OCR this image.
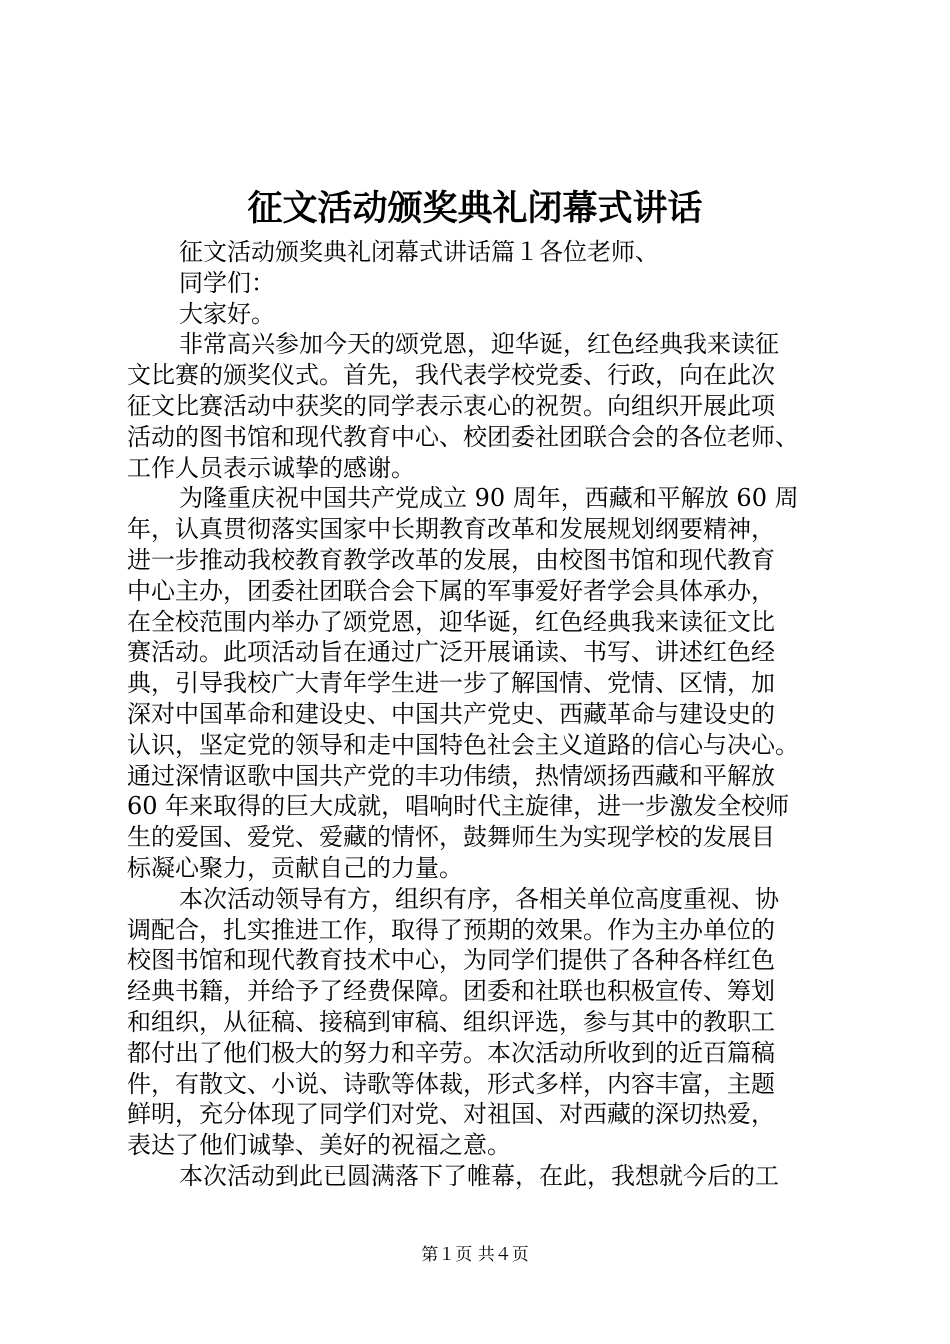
征文活动颁奖典礼闭幕式讲话
征文活动颁奖典礼闭幕式讲话篇１各位老师、
同学们：
大家好。
非常高兴参加今天的颂党恩，迎华诞，红色经典我来读征
文比赛的颁奖仪式。首先，我代表学校党委、行政，向在此次
征文比赛活动中获奖的同学表示衷心的祝贺。向组织开展此项
活动的图书馆和现代教育中心、校团委社团联合会的各位老师、
工作人员表示诚挚的感谢。
为隆重庆祝中国共产党成立 90 周年，西藏和平解放 60 周
年，认真贯彻落实国家中长期教育改革和发展规划纲要精神，
进一步推动我校教育教学改革的发展，由校图书馆和现代教育
中心主办，团委社团联合会下属的军事爱好者学会具体承办，
在全校范围内举办了颂党恩，迎华诞，红色经典我来读征文比
赛活动。此项活动旨在通过广泛开展诵读、书写、讲述红色经
典，引导我校广大青年学生进一步了解国情、党情、区情，加
深对中国革命和建设史、中国共产党史、西藏革命与建设史的
认识，坚定党的领导和走中国特色社会主义道路的信心与决心。
通过深情讴歌中国共产党的丰功伟绩，热情颂扬西藏和平解放
60 年来取得的巨大成就，唱响时代主旋律，进一步激发全校师
生的爱国、爱党、爱藏的情怀，鼓舞师生为实现学校的发展目
标凝心聚力，贡献自己的力量。
本次活动领导有方，组织有序，各相关单位高度重视、协
调配合，扎实推进工作，取得了预期的效果。作为主办单位的
校图书馆和现代教育技术中心，为同学们提供了各种各样红色
经典书籍，并给予了经费保障。团委和社联也积极宣传、筹划
和组织，从征稿、接稿到审稿、组织评选，参与其中的教职工
都付出了他们极大的努力和辛劳。本次活动所收到的近百篇稿
件，有散文、小说、诗歌等体裁，形式多样，内容丰富，主题
鲜明，充分体现了同学们对党、对祖国、对西藏的深切热爱，
表达了他们诚挚、美好的祝福之意。
本次活动到此已圆满落下了帷幕，在此，我想就今后的工
第１页 共４页
